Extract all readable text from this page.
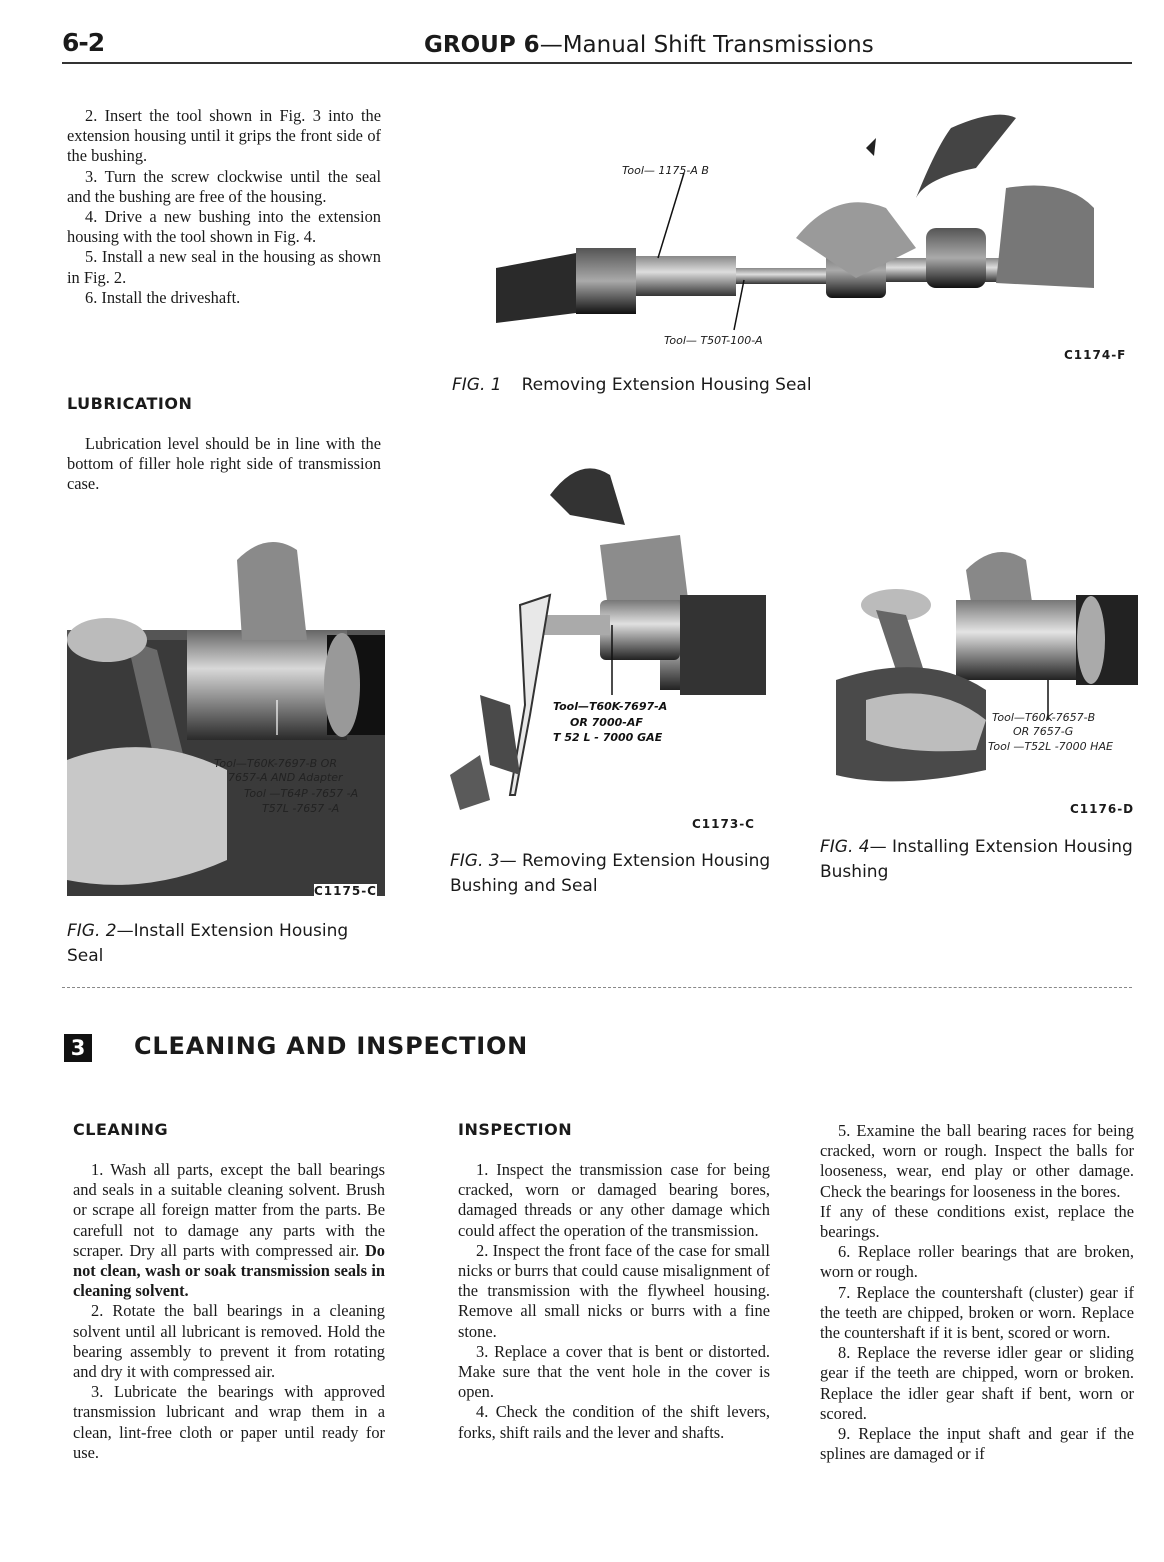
6-2	GROUP 6—Manual Shift Transmissions

2. Insert the tool shown in Fig. 3 into the extension housing until it grips the front side of the bushing.

3. Turn the screw clockwise until the seal and the bushing are free of the housing.

4. Drive a new bushing into the extension housing with the tool shown in Fig. 4.

5. Install a new seal in the housing as shown in Fig. 2.

6. Install the driveshaft.

LUBRICATION

Lubrication level should be in line with the bottom of filler hole right side of transmission case.

Tool— 1175-A B
Tool— T50T-100-A
C1174-F
FIG. 1 Removing Extension Housing Seal
Tool—T60K-7697-B OR
7657-A AND Adapter
Tool —T64P -7657 -A
T57L -7657 -A
C1175-C
FIG. 2—Install Extension Housing Seal
Tool—T60K-7697-A
OR 7000-AF
T 52 L - 7000 GAE
C1173-C
FIG. 3— Removing Extension Housing Bushing and Seal
Tool—T60K-7657-B
OR 7657-G
Tool —T52L -7000 HAE
C1176-D
FIG. 4— Installing Extension Housing Bushing
3 CLEANING AND INSPECTION
CLEANING

1. Wash all parts, except the ball bearings and seals in a suitable cleaning solvent. Brush or scrape all foreign matter from the parts. Be carefull not to damage any parts with the scraper. Dry all parts with compressed air. Do not clean, wash or soak transmission seals in cleaning solvent.

2. Rotate the ball bearings in a cleaning solvent until all lubricant is removed. Hold the bearing assembly to prevent it from rotating and dry it with compressed air.

3. Lubricate the bearings with approved transmission lubricant and wrap them in a clean, lint-free cloth or paper until ready for use.

INSPECTION

1. Inspect the transmission case for being cracked, worn or damaged bearing bores, damaged threads or any other damage which could affect the operation of the transmission.

2. Inspect the front face of the case for small nicks or burrs that could cause misalignment of the transmission with the flywheel housing. Remove all small nicks or burrs with a fine stone.

3. Replace a cover that is bent or distorted. Make sure that the vent hole in the cover is open.

4. Check the condition of the shift levers, forks, shift rails and the lever and shafts.

5. Examine the ball bearing races for being cracked, worn or rough. Inspect the balls for looseness, wear, end play or other damage. Check the bearings for looseness in the bores.

If any of these conditions exist, replace the bearings.

6. Replace roller bearings that are broken, worn or rough.

7. Replace the countershaft (cluster) gear if the teeth are chipped, broken or worn. Replace the countershaft if it is bent, scored or worn.

8. Replace the reverse idler gear or sliding gear if the teeth are chipped, worn or broken. Replace the idler gear shaft if bent, worn or scored.

9. Replace the input shaft and gear if the splines are damaged or if
